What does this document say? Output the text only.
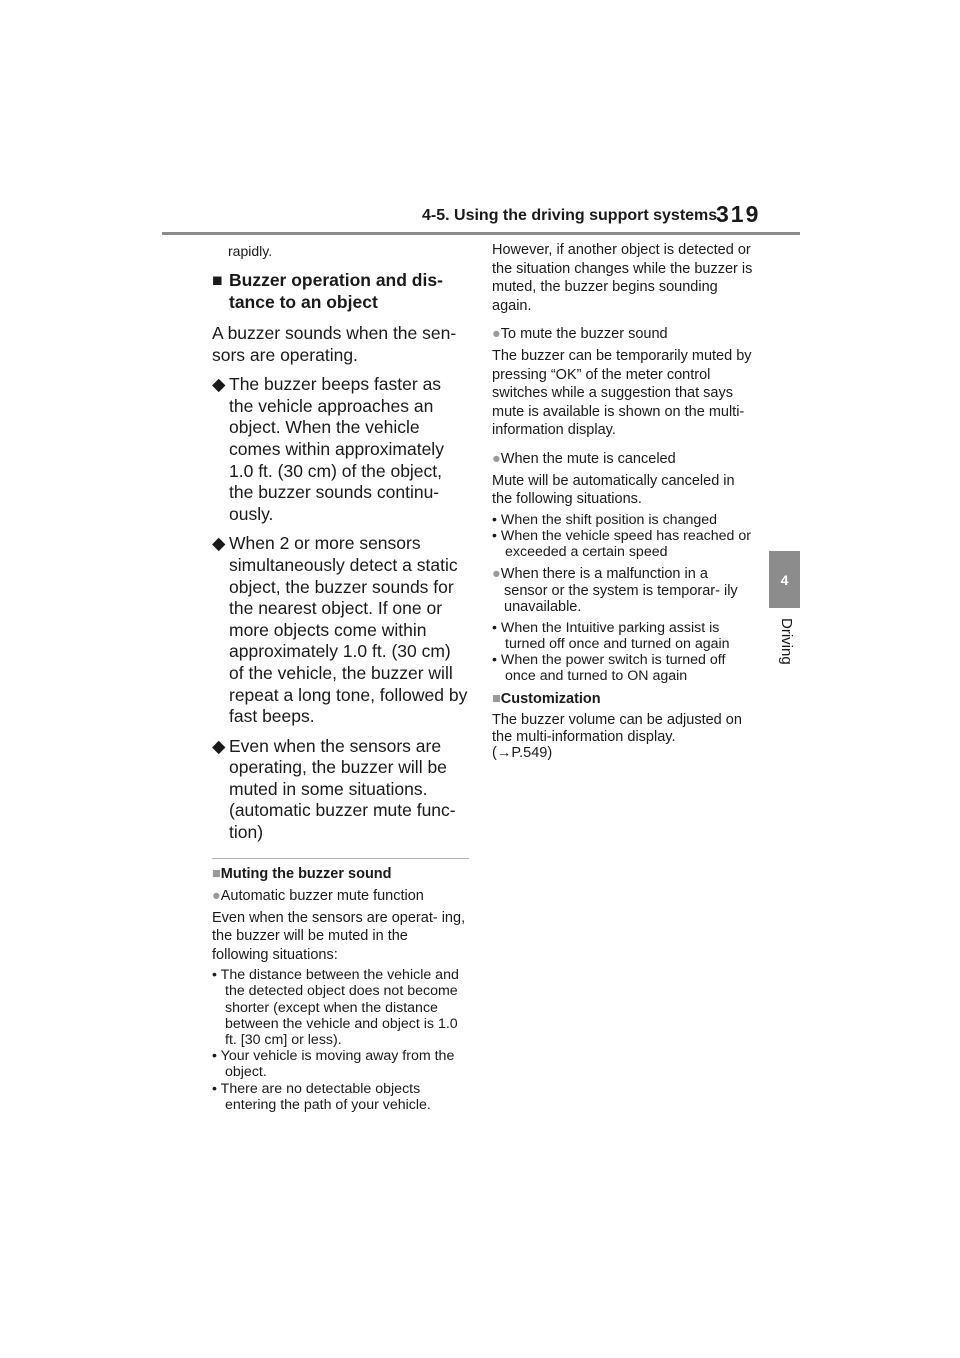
4-5. Using the driving support systems
319
4
Driving

rapidly.

■ Buzzer operation and dis- tance to an object

A buzzer sounds when the sen- sors are operating.

◆ The buzzer beeps faster as the vehicle approaches an object. When the vehicle comes within approximately 1.0 ft. (30 cm) of the object, the buzzer sounds continu- ously.

◆ When 2 or more sensors simultaneously detect a static object, the buzzer sounds for the nearest object. If one or more objects come within approximately 1.0 ft. (30 cm) of the vehicle, the buzzer will repeat a long tone, followed by fast beeps.

◆ Even when the sensors are operating, the buzzer will be muted in some situations. (automatic buzzer mute func- tion)

■Muting the buzzer sound

●Automatic buzzer mute function

Even when the sensors are operat- ing, the buzzer will be muted in the following situations:

• The distance between the vehicle and the detected object does not become shorter (except when the distance between the vehicle and object is 1.0 ft. [30 cm] or less).
• Your vehicle is moving away from the object.
• There are no detectable objects entering the path of your vehicle.

However, if another object is detected or the situation changes while the buzzer is muted, the buzzer begins sounding again.

●To mute the buzzer sound

The buzzer can be temporarily muted by pressing “OK” of the meter control switches while a suggestion that says mute is available is shown on the multi-information display.

●When the mute is canceled

Mute will be automatically canceled in the following situations.

• When the shift position is changed
• When the vehicle speed has reached or exceeded a certain speed

●When there is a malfunction in a sensor or the system is temporar- ily unavailable.

• When the Intuitive parking assist is turned off once and turned on again
• When the power switch is turned off once and turned to ON again

■Customization

The buzzer volume can be adjusted on the multi-information display.
(→P.549)
